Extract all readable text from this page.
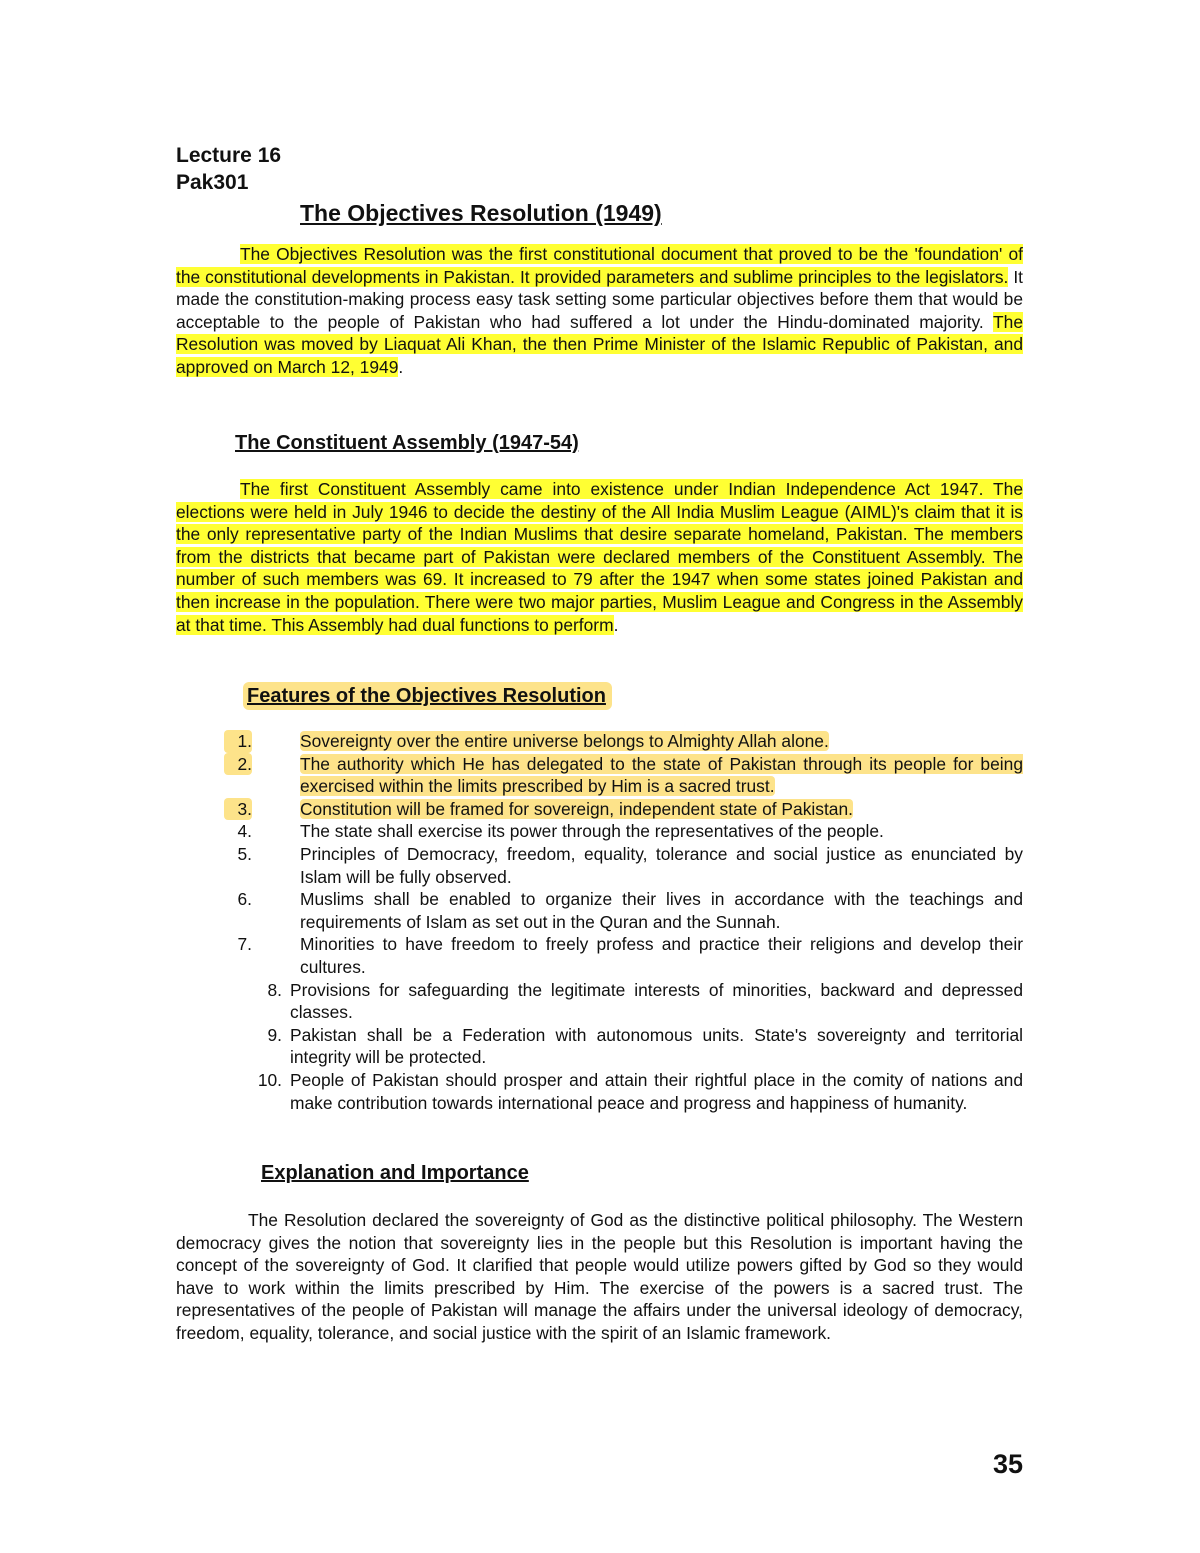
Lecture 16
Pak301
The Objectives Resolution (1949)

The Objectives Resolution was the first constitutional document that proved to be the 'foundation' of the constitutional developments in Pakistan. It provided parameters and sublime principles to the legislators. It made the constitution-making process easy task setting some particular objectives before them that would be acceptable to the people of Pakistan who had suffered a lot under the Hindu-dominated majority. The Resolution was moved by Liaquat Ali Khan, the then Prime Minister of the Islamic Republic of Pakistan, and approved on March 12, 1949.

The Constituent Assembly (1947-54)

The first Constituent Assembly came into existence under Indian Independence Act 1947. The elections were held in July 1946 to decide the destiny of the All India Muslim League (AIML)'s claim that it is the only representative party of the Indian Muslims that desire separate homeland, Pakistan. The members from the districts that became part of Pakistan were declared members of the Constituent Assembly. The number of such members was 69. It increased to 79 after the 1947 when some states joined Pakistan and then increase in the population. There were two major parties, Muslim League and Congress in the Assembly at that time. This Assembly had dual functions to perform.

Features of the Objectives Resolution
1.	Sovereignty over the entire universe belongs to Almighty Allah alone.
2.	The authority which He has delegated to the state of Pakistan through its people for being exercised within the limits prescribed by Him is a sacred trust.
3.	Constitution will be framed for sovereign, independent state of Pakistan.
4.	The state shall exercise its power through the representatives of the people.
5.	Principles of Democracy, freedom, equality, tolerance and social justice as enunciated by Islam will be fully observed.
6.	Muslims shall be enabled to organize their lives in accordance with the teachings and requirements of Islam as set out in the Quran and the Sunnah.
7.	Minorities to have freedom to freely profess and practice their religions and develop their cultures.
8. Provisions for safeguarding the legitimate interests of minorities, backward and depressed classes.
9. Pakistan shall be a Federation with autonomous units. State's sovereignty and territorial integrity will be protected.
10. People of Pakistan should prosper and attain their rightful place in the comity of nations and make contribution towards international peace and progress and happiness of humanity.
Explanation and Importance

The Resolution declared the sovereignty of God as the distinctive political philosophy. The Western democracy gives the notion that sovereignty lies in the people but this Resolution is important having the concept of the sovereignty of God. It clarified that people would utilize powers gifted by God so they would have to work within the limits prescribed by Him. The exercise of the powers is a sacred trust. The representatives of the people of Pakistan will manage the affairs under the universal ideology of democracy, freedom, equality, tolerance, and social justice with the spirit of an Islamic framework.

35
